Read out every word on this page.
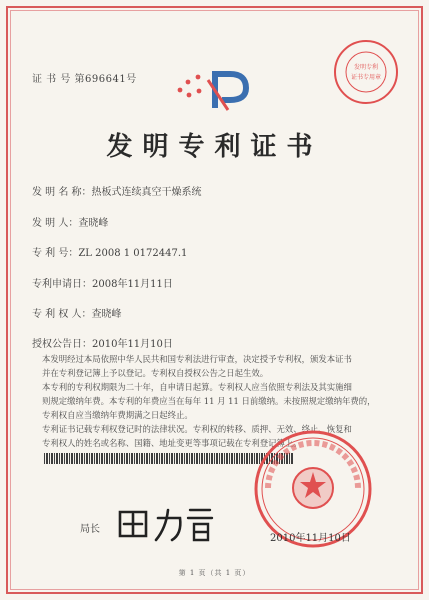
证 书 号 第696641号
发明专利
证书专用章
发明专利证书
发 明 名 称：热板式连续真空干燥系统
发 明 人：查晓峰
专 利 号：ZL 2008 1 0172447.1
专利申请日：2008年11月11日
专 利 权 人：查晓峰
授权公告日：2010年11月10日
本发明经过本局依照中华人民共和国专利法进行审查，决定授予专利权，颁发本证书
并在专利登记簿上予以登记。专利权自授权公告之日起生效。
本专利的专利权期限为二十年，自申请日起算。专利权人应当依照专利法及其实施细
则规定缴纳年费。本专利的年费应当在每年 11 月 11 日前缴纳。未按照规定缴纳年费的，
专利权自应当缴纳年费期满之日起终止。
专利证书记载专利权登记时的法律状况。专利权的转移、质押、无效、终止、恢复和
专利权人的姓名或名称、国籍、地址变更等事项记载在专利登记簿上。
局长
2010年11月10日
第 1 页（共 1 页）
